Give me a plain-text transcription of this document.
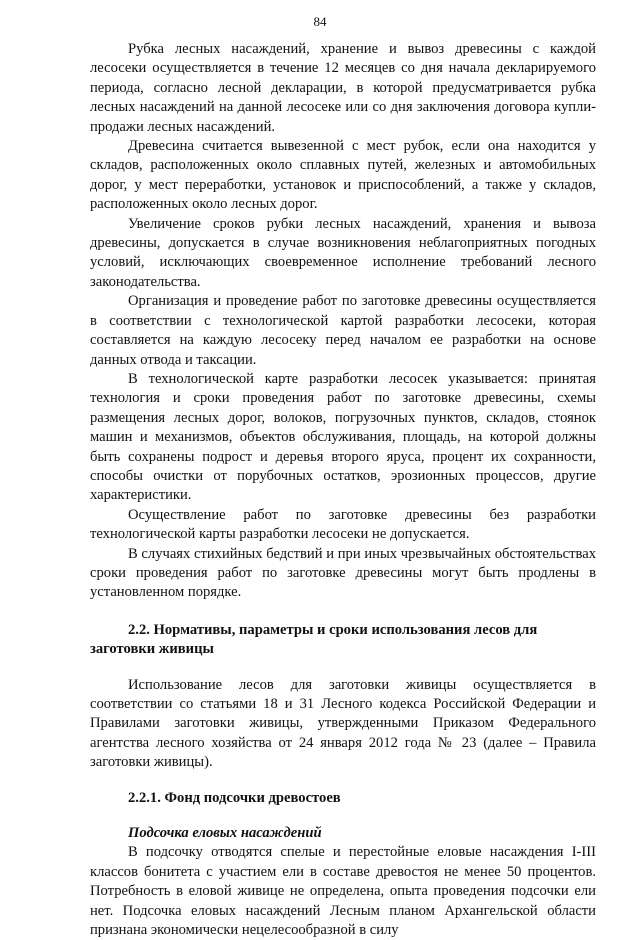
84

Рубка лесных насаждений, хранение и вывоз древесины с каждой лесосеки осуществляется в течение 12 месяцев со дня начала декларируемого периода, согласно лесной декларации, в которой предусматривается рубка лесных насаждений на данной лесосеке или со дня заключения договора купли-продажи лесных насаждений.

Древесина считается вывезенной с мест рубок, если она находится у складов, расположенных около сплавных путей, железных и автомобильных дорог, у мест переработки, установок и приспособлений, а также у складов, расположенных около лесных дорог.

Увеличение сроков рубки лесных насаждений, хранения и вывоза древесины, допускается в случае возникновения неблагоприятных погодных условий, исключающих своевременное исполнение требований лесного законодательства.

Организация и проведение работ по заготовке древесины осуществляется в соответствии с технологической картой разработки лесосеки, которая составляется на каждую лесосеку перед началом ее разработки на основе данных отвода и таксации.

В технологической карте разработки лесосек указывается: принятая технология и сроки проведения работ по заготовке древесины, схемы размещения лесных дорог, волоков, погрузочных пунктов, складов, стоянок машин и механизмов, объектов обслуживания, площадь, на которой должны быть сохранены подрост и деревья второго яруса, процент их сохранности, способы очистки от порубочных остатков, эрозионных процессов, другие характеристики.

Осуществление работ по заготовке древесины без разработки технологической карты разработки лесосеки не допускается.

В случаях стихийных бедствий и при иных чрезвычайных обстоятельствах сроки проведения работ по заготовке древесины могут быть продлены в установленном порядке.

2.2. Нормативы, параметры и сроки использования лесов для заготовки живицы

Использование лесов для заготовки живицы осуществляется в соответствии со статьями 18 и 31 Лесного кодекса Российской Федерации и Правилами заготовки живицы, утвержденными Приказом Федерального агентства лесного хозяйства от 24 января 2012 года № 23 (далее – Правила заготовки живицы).

2.2.1. Фонд подсочки древостоев

Подсочка еловых насаждений

В подсочку отводятся спелые и перестойные еловые насаждения I-III классов бонитета с участием ели в составе древостоя не менее 50 процентов. Потребность в еловой живице не определена, опыта проведения подсочки ели нет. Подсочка еловых насаждений Лесным планом Архангельской области признана экономически нецелесообразной в силу
